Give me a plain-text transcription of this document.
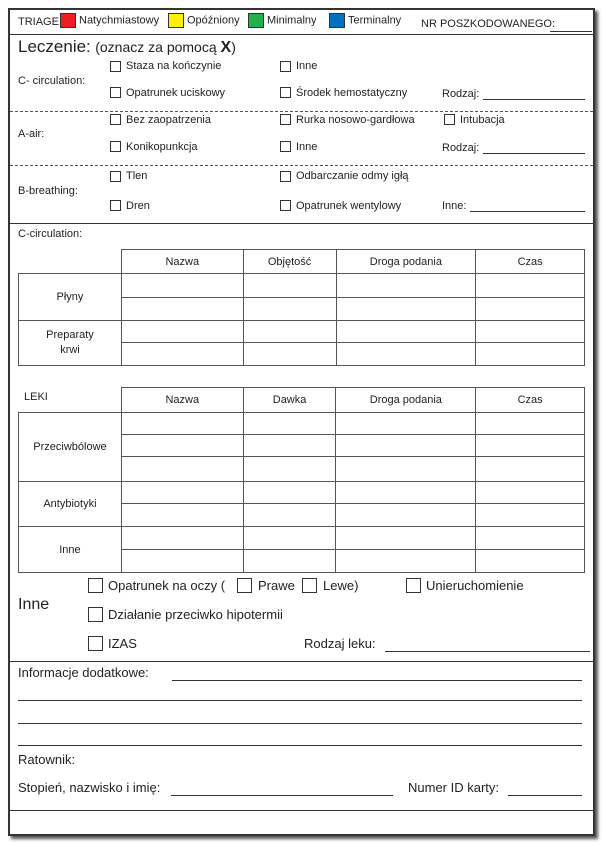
TRIAGE	Natychmiastowy	Opóźniony	Minimalny	Terminalny NR POSZKODOWANEGO:
Leczenie: (oznacz za pomocą X)
C- circulation:
Staza na kończynie	Inne
Opatrunek uciskowy	Środek hemostatyczny	Rodzaj:
A-air:
Bez zaopatrzenia	Rurka nosowo-gardłowa	Intubacja
Konikopunkcja	Inne	Rodzaj:
B-breathing:
Tlen	Odbarczanie odmy igłą
Dren	Opatrunek wentylowy	Inne:
C-circulation:
	Nazwa	Objętość	Droga podania	Czas
Płyny				

Preparaty krwi				

LEKI
		Nazwa	Dawka	Droga podania	Czas
Przeciwbólowe				

Antybiotyki				

Inne				

Inne
Opatrunek na oczy (	Prawe Lewe)	Unieruchomienie
Działanie przeciwko hipotermii
IZAS	Rodzaj leku:
Informacje dodatkowe:
Ratownik:
Stopień, nazwisko i imię:	Numer ID karty:
